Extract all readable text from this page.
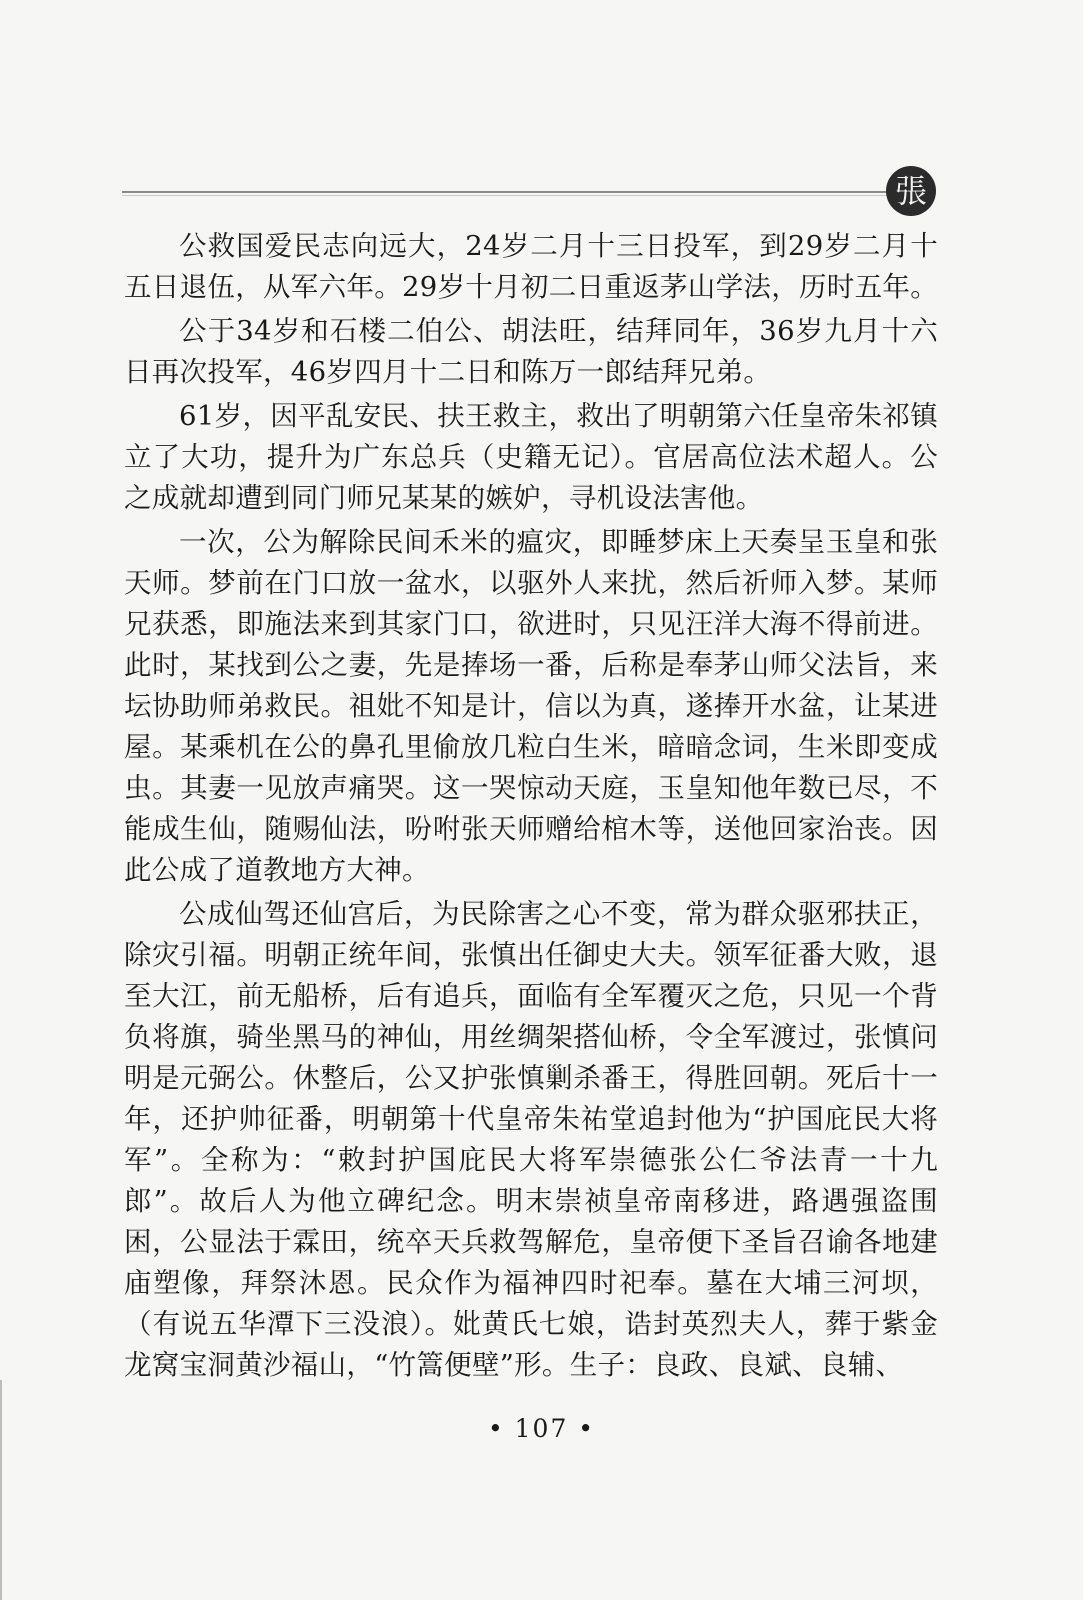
張

公救国爱民志向远大，24岁二月十三日投军，到29岁二月十五日退伍，从军六年。29岁十月初二日重返茅山学法，历时五年。

公于34岁和石楼二伯公、胡法旺，结拜同年，36岁九月十六日再次投军，46岁四月十二日和陈万一郎结拜兄弟。

61岁，因平乱安民、扶王救主，救出了明朝第六任皇帝朱祁镇立了大功，提升为广东总兵（史籍无记）。官居高位法术超人。公之成就却遭到同门师兄某某的嫉妒，寻机设法害他。

一次，公为解除民间禾米的瘟灾，即睡梦床上天奏呈玉皇和张天师。梦前在门口放一盆水，以驱外人来扰，然后祈师入梦。某师兄获悉，即施法来到其家门口，欲进时，只见汪洋大海不得前进。此时，某找到公之妻，先是捧场一番，后称是奉茅山师父法旨，来坛协助师弟救民。祖妣不知是计，信以为真，遂捧开水盆，让某进屋。某乘机在公的鼻孔里偷放几粒白生米，暗暗念词，生米即变成虫。其妻一见放声痛哭。这一哭惊动天庭，玉皇知他年数已尽，不能成生仙，随赐仙法，吩咐张天师赠给棺木等，送他回家治丧。因此公成了道教地方大神。

公成仙驾还仙宫后，为民除害之心不变，常为群众驱邪扶正，除灾引福。明朝正统年间，张慎出任御史大夫。领军征番大败，退至大江，前无船桥，后有追兵，面临有全军覆灭之危，只见一个背负将旗，骑坐黑马的神仙，用丝绸架搭仙桥，令全军渡过，张慎问明是元弼公。休整后，公又护张慎剿杀番王，得胜回朝。死后十一年，还护帅征番，明朝第十代皇帝朱祐堂追封他为“护国庇民大将军”。全称为：“敕封护国庇民大将军崇德张公仁爷法青一十九郎”。故后人为他立碑纪念。明末崇祯皇帝南移进，路遇强盗围困，公显法于霖田，统卒天兵救驾解危，皇帝便下圣旨召谕各地建庙塑像，拜祭沐恩。民众作为福神四时祀奉。墓在大埔三河坝，（有说五华潭下三没浪）。妣黄氏七娘，诰封英烈夫人，葬于紫金龙窝宝洞黄沙福山，“竹篙便壁”形。生子：良政、良斌、良辅、

• 107 •
